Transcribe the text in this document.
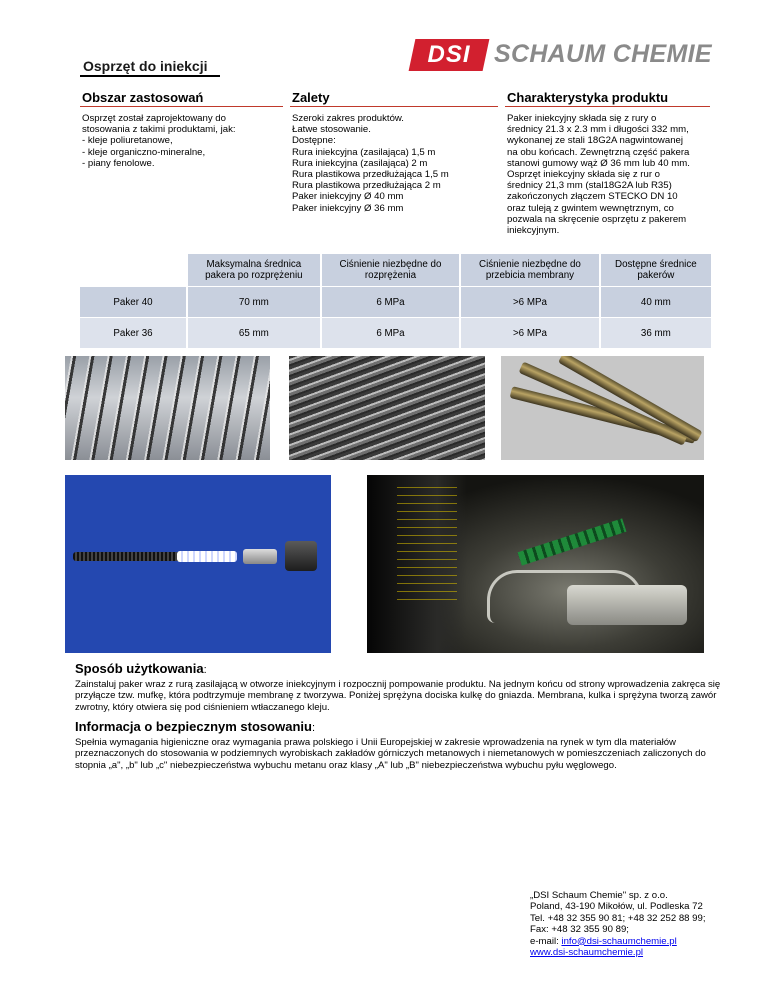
Osprzęt do iniekcji	DSI SCHAUM CHEMIE
Obszar zastosowań
Osprzęt został zaprojektowany do
stosowania z takimi produktami, jak:
- kleje poliuretanowe,
- kleje organiczno-mineralne,
- piany fenolowe.
Zalety
Szeroki zakres produktów.
Łatwe stosowanie.
Dostępne:
Rura iniekcyjna (zasilająca) 1,5 m
Rura iniekcyjna (zasilająca) 2 m
Rura plastikowa przedłużająca 1,5 m
Rura plastikowa przedłużająca 2 m
Paker iniekcyjny Ø 40 mm
Paker iniekcyjny Ø 36 mm
Charakterystyka produktu
Paker iniekcyjny składa się z rury o
średnicy 21.3 x 2.3 mm i długości 332 mm,
wykonanej ze stali 18G2A nagwintowanej
na obu końcach. Zewnętrzną część pakera
stanowi gumowy wąż Ø 36 mm lub 40 mm.
Osprzęt iniekcyjny składa się z rur o
średnicy 21,3 mm (stal18G2A lub R35)
zakończonych złączem STECKO DN 10
oraz tuleją z gwintem wewnętrznym, co
pozwala na skręcenie osprzętu z pakerem
iniekcyjnym.
	Maksymalna średnica
pakera po rozprężeniu	Ciśnienie niezbędne do
rozprężenia	Ciśnienie niezbędne do
przebicia membrany	Dostępne średnice
pakerów
Paker 40	70 mm	6 MPa	>6 MPa	40 mm
Paker 36	65 mm	6 MPa	>6 MPa	36 mm
Sposób użytkowania:
Zainstaluj paker wraz z rurą zasilającą w otworze iniekcyjnym i rozpocznij pompowanie produktu. Na jednym końcu od strony wprowadzenia zakręca się przyłącze tzw. mufkę, która podtrzymuje membranę z tworzywa. Poniżej sprężyna dociska kulkę do gniazda. Membrana, kulka i sprężyna tworzą zawór zwrotny, który otwiera się pod ciśnieniem wtłaczanego kleju.
Informacja o bezpiecznym stosowaniu:
Spełnia wymagania higieniczne oraz wymagania prawa polskiego i Unii Europejskiej w zakresie wprowadzenia na rynek w tym dla materiałów przeznaczonych do stosowania w podziemnych wyrobiskach zakładów górniczych metanowych i niemetanowych w pomieszczeniach zaliczonych do stopnia „a", „b" lub „c" niebezpieczeństwa wybuchu metanu oraz klasy „A" lub „B" niebezpieczeństwa wybuchu pyłu węglowego.
„DSI Schaum Chemie" sp. z o.o.
Poland, 43-190 Mikołów, ul. Podleska 72
Tel. +48 32 355 90 81; +48 32 252 88 99;
Fax: +48 32 355 90 89;
e-mail: info@dsi-schaumchemie.pl
www.dsi-schaumchemie.pl
